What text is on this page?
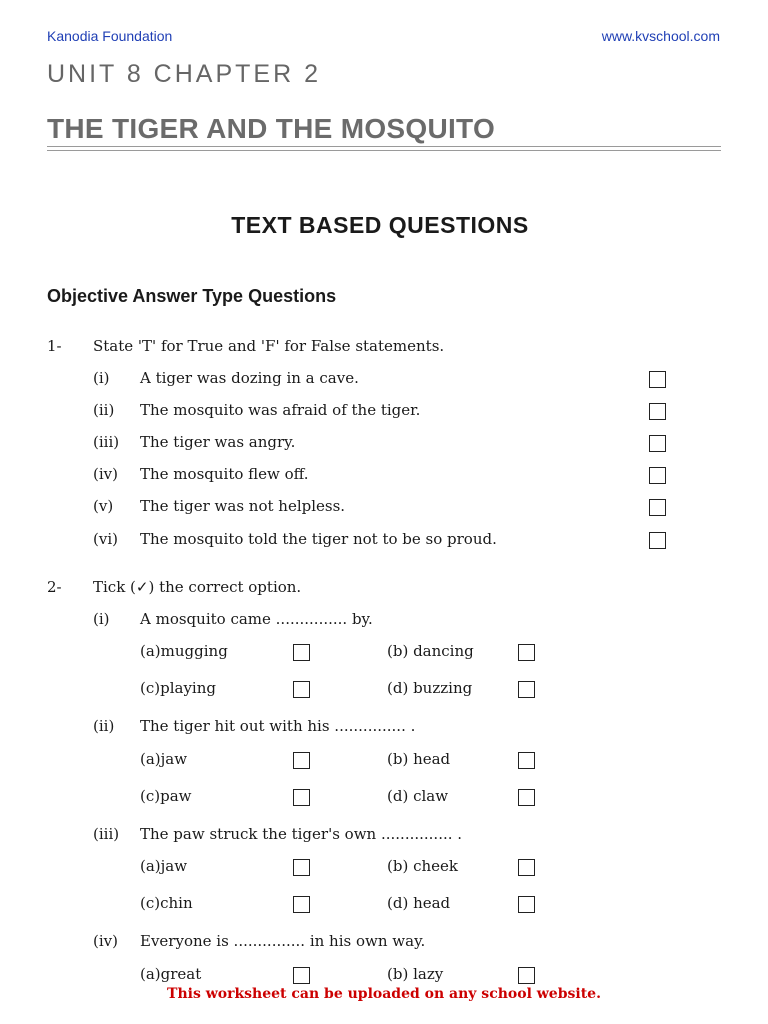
Kanodia Foundation	www.kvschool.com
UNIT 8 CHAPTER 2
THE TIGER AND THE MOSQUITO
TEXT BASED QUESTIONS
Objective Answer Type Questions
1- State 'T' for True and 'F' for False statements.
(i) A tiger was dozing in a cave.
(ii) The mosquito was afraid of the tiger.
(iii) The tiger was angry.
(iv) The mosquito flew off.
(v) The tiger was not helpless.
(vi) The mosquito told the tiger not to be so proud.
2- Tick (✓) the correct option.
(i) A mosquito came ............... by.
(a)mugging	(b) dancing
(c)playing	(d) buzzing
(ii) The tiger hit out with his ............... .
(a)jaw	(b) head
(c)paw	(d) claw
(iii) The paw struck the tiger's own ............... .
(a)jaw	(b) cheek
(c)chin	(d) head
(iv) Everyone is ............... in his own way.
(a)great	(b) lazy
This worksheet can be uploaded on any school website.
